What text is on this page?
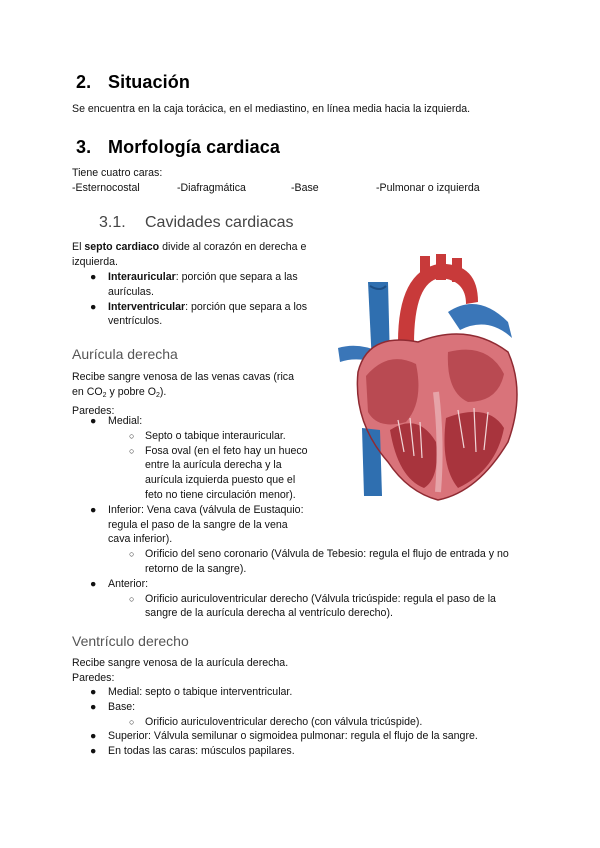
2. Situación
Se encuentra en la caja torácica, en el mediastino, en línea media hacia la izquierda.
3. Morfología cardiaca
Tiene cuatro caras:
-Esternocostal	-Diafragmática	-Base	-Pulmonar o izquierda
3.1. Cavidades cardiacas
El septo cardiaco divide al corazón en derecha e
izquierda.
● Interauricular: porción que separa a las
aurículas.
● Interventricular: porción que separa a los
ventrículos.
Aurícula derecha
Recibe sangre venosa de las venas cavas (rica
en $CO_2$ y pobre $O_2$).
Paredes:
● Medial:
○ Septo o tabique interauricular.
○ Fosa oval (en el feto hay un hueco
entre la aurícula derecha y la
aurícula izquierda puesto que el
feto no tiene circulación menor).
● Inferior: Vena cava (válvula de Eustaquio:
regula el paso de la sangre de la vena
cava inferior).
○ Orificio del seno coronario (Válvula de Tebesio: regula el flujo de entrada y no
retorno de la sangre).
● Anterior:
○ Orificio auriculoventricular derecho (Válvula tricúspide: regula el paso de la
sangre de la aurícula derecha al ventrículo derecho).
Ventrículo derecho
Recibe sangre venosa de la aurícula derecha.
Paredes:
● Medial: septo o tabique interventricular.
● Base:
○ Orificio auriculoventricular derecho (con válvula tricúspide).
● Superior: Válvula semilunar o sigmoidea pulmonar: regula el flujo de la sangre.
● En todas las caras: músculos papilares.
